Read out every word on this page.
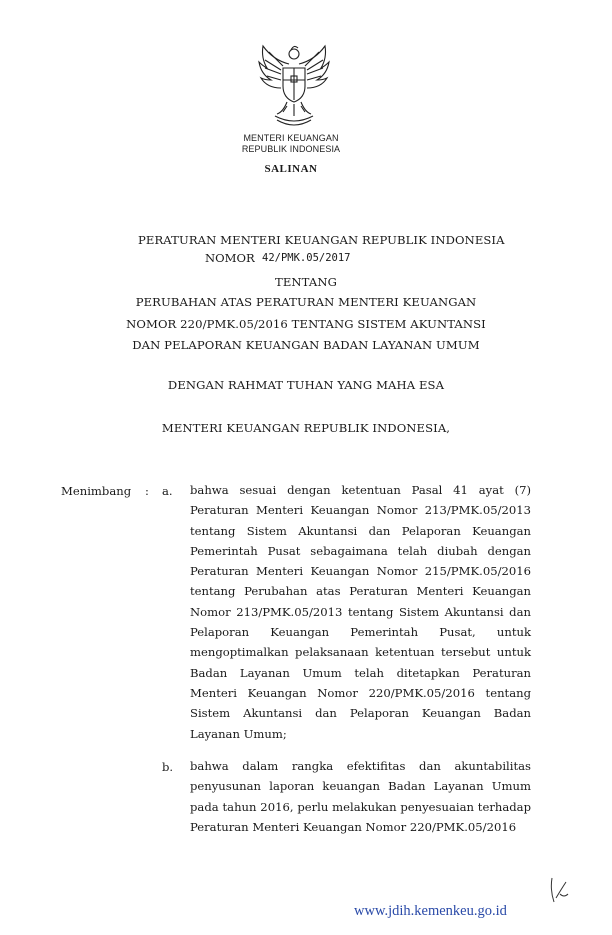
MENTERI KEUANGAN
REPUBLIK INDONESIA
SALINAN
PERATURAN MENTERI KEUANGAN REPUBLIK INDONESIA
NOMOR 42/PMK.05/2017
TENTANG
PERUBAHAN ATAS PERATURAN MENTERI KEUANGAN
NOMOR 220/PMK.05/2016 TENTANG SISTEM AKUNTANSI
DAN PELAPORAN KEUANGAN BADAN LAYANAN UMUM
DENGAN RAHMAT TUHAN YANG MAHA ESA
MENTERI KEUANGAN REPUBLIK INDONESIA,
Menimbang : a. bahwa sesuai dengan ketentuan Pasal 41 ayat (7) Peraturan Menteri Keuangan Nomor 213/PMK.05/2013 tentang Sistem Akuntansi dan Pelaporan Keuangan Pemerintah Pusat sebagaimana telah diubah dengan Peraturan Menteri Keuangan Nomor 215/PMK.05/2016 tentang Perubahan atas Peraturan Menteri Keuangan Nomor 213/PMK.05/2013 tentang Sistem Akuntansi dan Pelaporan Keuangan Pemerintah Pusat, untuk mengoptimalkan pelaksanaan ketentuan tersebut untuk Badan Layanan Umum telah ditetapkan Peraturan Menteri Keuangan Nomor 220/PMK.05/2016 tentang Sistem Akuntansi dan Pelaporan Keuangan Badan Layanan Umum;
b. bahwa dalam rangka efektifitas dan akuntabilitas penyusunan laporan keuangan Badan Layanan Umum pada tahun 2016, perlu melakukan penyesuaian terhadap Peraturan Menteri Keuangan Nomor 220/PMK.05/2016
www.jdih.kemenkeu.go.id
